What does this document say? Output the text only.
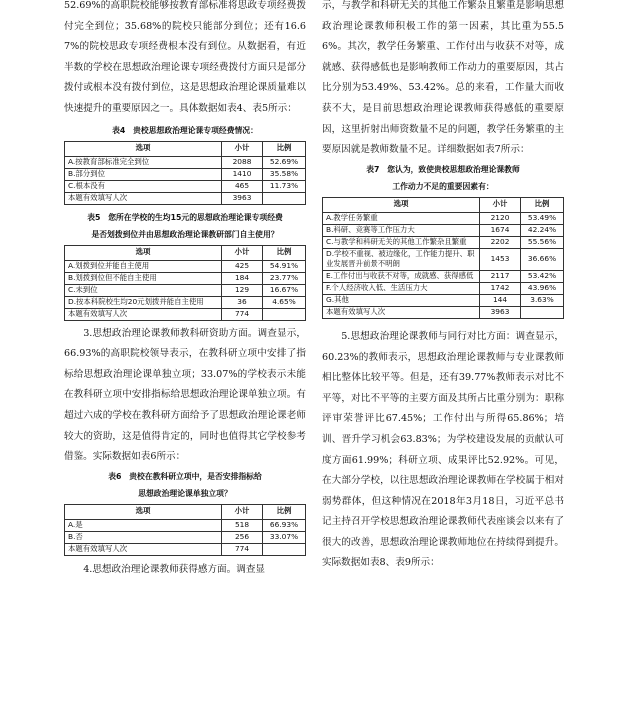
52.69%的高职院校能够按教育部标准将思政专项经费拨付完全到位；35.68%的院校只能部分到位；还有16.67%的院校思政专项经费根本没有到位。从数据看，有近半数的学校在思想政治理论课专项经费拨付方面只是部分拨付或根本没有拨付到位，这是思想政治理论课质量难以快速提升的重要原因之一。具体数据如表4、表5所示：

表4　贵校思想政治理论课专项经费情况：
选项	小计	比例
A.按教育部标准完全到位	2088	52.69%
B.部分到位	1410	35.58%
C.根本没有	465	11.73%
本题有效填写人次	3963	
表5　您所在学校的生均15元的思想政治理论课专项经费
是否划拨到位并由思想政治理论课教研部门自主使用？
选项	小计	比例
A.划拨到位并能自主使用	425	54.91%
B.划拨到位但不能自主使用	184	23.77%
C.未到位	129	16.67%
D.按本科院校生均20元划拨并能自主使用	36	4.65%
本题有效填写人次	774	

3.思想政治理论课教师教科研资助方面。调查显示，66.93%的高职院校领导表示，在教科研立项中安排了指标给思想政治理论课单独立项；33.07%的学校表示未能在教科研立项中安排指标给思想政治理论课单独立项。有超过六成的学校在教科研方面给予了思想政治理论课老师较大的资助，这是值得肯定的，同时也值得其它学校参考借鉴。实际数据如表6所示：

表6　贵校在教科研立项中，是否安排指标给
思想政治理论课单独立项？
选项	小计	比例
A.是	518	66.93%
B.否	256	33.07%
本题有效填写人次	774	

4.思想政治理论课教师获得感方面。调查显

示，与教学和科研无关的其他工作繁杂且繁重是影响思想政治理论课教师积极工作的第一因素，其比重为55.56%。其次，教学任务繁重、工作付出与收获不对等，成就感、获得感低也是影响教师工作动力的重要原因，其占比分别为53.49%、53.42%。总的来看，工作量大而收获不大，是目前思想政治理论课教师获得感低的重要原因，这里折射出师资数量不足的问题，教学任务繁重的主要原因就是教师数量不足。详细数据如表7所示：

表7　您认为，致使贵校思想政治理论课教师
工作动力不足的重要因素有：
选项	小计	比例
A.教学任务繁重	2120	53.49%
B.科研、竞赛等工作压力大	1674	42.24%
C.与教学和科研无关的其他工作繁杂且繁重	2202	55.56%
D.学校不重视、被边缘化，工作能力提升、职业发展晋升前景不明朗	1453	36.66%
E.工作付出与收获不对等，成就感、获得感低	2117	53.42%
F.个人经济收入低、生活压力大	1742	43.96%
G.其他	144	3.63%
本题有效填写人次	3963	

5.思想政治理论课教师与同行对比方面：调查显示，60.23%的教师表示，思想政治理论课教师与专业课教师相比整体比较平等。但是，还有39.77%教师表示对比不平等，对比不平等的主要方面及其所占比重分别为：职称评审荣誉评比67.45%；工作付出与所得65.86%；培训、晋升学习机会63.83%；为学校建设发展的贡献认可度方面61.99%；科研立项、成果评比52.92%。可见，在大部分学校，以往思想政治理论课教师在学校属于相对弱势群体，但这种情况在2018年3月18日，习近平总书记主持召开学校思想政治理论课教师代表座谈会以来有了很大的改善，思想政治理论课教师地位在持续得到提升。实际数据如表8、表9所示：
